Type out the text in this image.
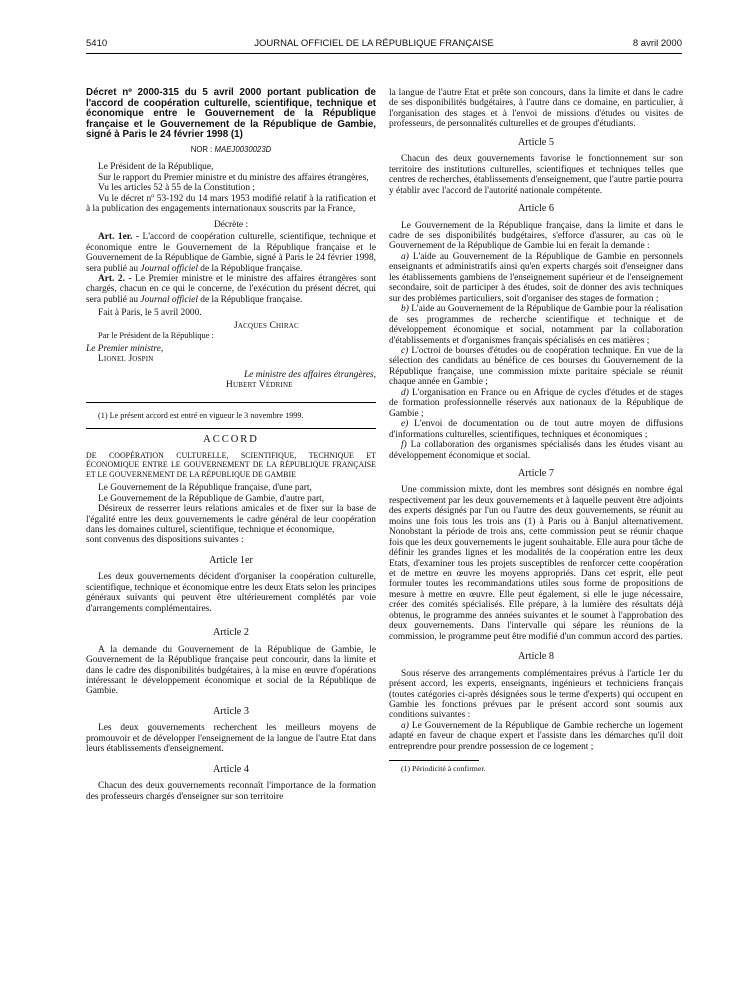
5410	JOURNAL OFFICIEL DE LA RÉPUBLIQUE FRANÇAISE	8 avril 2000

Décret nº 2000-315 du 5 avril 2000 portant publication de l'accord de coopération culturelle, scientifique, technique et économique entre le Gouvernement de la République française et le Gouvernement de la République de Gambie, signé à Paris le 24 février 1998 (1)

NOR : MAEJ0030023D

Le Président de la République,

Sur le rapport du Premier ministre et du ministre des affaires étrangères,

Vu les articles 52 à 55 de la Constitution ;

Vu le décret nº 53-192 du 14 mars 1953 modifié relatif à la ratification et à la publication des engagements internationaux souscrits par la France,

Décrète :

Art. 1er. - L'accord de coopération culturelle, scientifique, technique et économique entre le Gouvernement de la République française et le Gouvernement de la République de Gambie, signé à Paris le 24 février 1998, sera publié au Journal officiel de la République française.

Art. 2. - Le Premier ministre et le ministre des affaires étrangères sont chargés, chacun en ce qui le concerne, de l'exécution du présent décret, qui sera publié au Journal officiel de la République française.

Fait à Paris, le 5 avril 2000.

Jacques Chirac

Par le Président de la République :

Le Premier ministre,

Lionel Jospin

Le ministre des affaires étrangères,

Hubert Védrine

(1) Le présent accord est entré en vigueur le 3 novembre 1999.

ACCORD

DE COOPÉRATION CULTURELLE, SCIENTIFIQUE, TECHNIQUE ET ÉCONOMIQUE ENTRE LE GOUVERNEMENT DE LA RÉPUBLIQUE FRANÇAISE ET LE GOUVERNEMENT DE LA RÉPUBLIQUE DE GAMBIE

Le Gouvernement de la République française, d'une part,

Le Gouvernement de la République de Gambie, d'autre part,

Désireux de resserrer leurs relations amicales et de fixer sur la base de l'égalité entre les deux gouvernements le cadre général de leur coopération dans les domaines culturel, scientifique, technique et économique,

sont convenus des dispositions suivantes :

Article 1er

Les deux gouvernements décident d'organiser la coopération culturelle, scientifique, technique et économique entre les deux Etats selon les principes généraux suivants qui peuvent être ultérieurement complétés par voie d'arrangements complémentaires.

Article 2

A la demande du Gouvernement de la République de Gambie, le Gouvernement de la République française peut concourir, dans la limite et dans le cadre des disponibilités budgétaires, à la mise en œuvre d'opérations intéressant le développement économique et social de la République de Gambie.

Article 3

Les deux gouvernements recherchent les meilleurs moyens de promouvoir et de développer l'enseignement de la langue de l'autre Etat dans leurs établissements d'enseignement.

Article 4

Chacun des deux gouvernements reconnaît l'importance de la formation des professeurs chargés d'enseigner sur son territoire

la langue de l'autre Etat et prête son concours, dans la limite et dans le cadre de ses disponibilités budgétaires, à l'autre dans ce domaine, en particulier, à l'organisation des stages et à l'envoi de missions d'études ou visites de professeurs, de personnalités culturelles et de groupes d'étudiants.

Article 5

Chacun des deux gouvernements favorise le fonctionnement sur son territoire des institutions culturelles, scientifiques et techniques telles que centres de recherches, établissements d'enseignement, que l'autre partie pourra y établir avec l'accord de l'autorité nationale compétente.

Article 6

Le Gouvernement de la République française, dans la limite et dans le cadre de ses disponibilités budgétaires, s'efforce d'assurer, au cas où le Gouvernement de la République de Gambie lui en ferait la demande :

a) L'aide au Gouvernement de la République de Gambie en personnels enseignants et administratifs ainsi qu'en experts chargés soit d'enseigner dans les établissements gambiens de l'enseignement supérieur et de l'enseignement secondaire, soit de participer à des études, soit de donner des avis techniques sur des problèmes particuliers, soit d'organiser des stages de formation ;

b) L'aide au Gouvernement de la République de Gambie pour la réalisation de ses programmes de recherche scientifique et technique et de développement économique et social, notamment par la collaboration d'établissements et d'organismes français spécialisés en ces matières ;

c) L'octroi de bourses d'études ou de coopération technique. En vue de la sélection des candidats au bénéfice de ces bourses du Gouvernement de la République française, une commission mixte paritaire spéciale se réunit chaque année en Gambie ;

d) L'organisation en France ou en Afrique de cycles d'études et de stages de formation professionnelle réservés aux nationaux de la République de Gambie ;

e) L'envoi de documentation ou de tout autre moyen de diffusions d'informations culturelles, scientifiques, techniques et économiques ;

f) La collaboration des organismes spécialisés dans les études visant au développement économique et social.

Article 7

Une commission mixte, dont les membres sont désignés en nombre égal respectivement par les deux gouvernements et à laquelle peuvent être adjoints des experts désignés par l'un ou l'autre des deux gouvernements, se réunit au moins une fois tous les trois ans (1) à Paris ou à Banjul alternativement. Nonobstant la période de trois ans, cette commission peut se réunir chaque fois que les deux gouvernements le jugent souhaitable. Elle aura pour tâche de définir les grandes lignes et les modalités de la coopération entre les deux Etats, d'examiner tous les projets susceptibles de renforcer cette coopération et de mettre en œuvre les moyens appropriés. Dans cet esprit, elle peut formuler toutes les recommandations utiles sous forme de propositions de mesure à mettre en œuvre. Elle peut également, si elle le juge nécessaire, créer des comités spécialisés. Elle prépare, à la lumière des résultats déjà obtenus, le programme des années suivantes et le soumet à l'approbation des deux gouvernements. Dans l'intervalle qui sépare les réunions de la commission, le programme peut être modifié d'un commun accord des parties.

Article 8

Sous réserve des arrangements complémentaires prévus à l'article 1er du présent accord, les experts, enseignants, ingénieurs et techniciens français (toutes catégories ci-après désignées sous le terme d'experts) qui occupent en Gambie les fonctions prévues par le présent accord sont soumis aux conditions suivantes :

a) Le Gouvernement de la République de Gambie recherche un logement adapté en faveur de chaque expert et l'assiste dans les démarches qu'il doit entreprendre pour prendre possession de ce logement ;

(1) Périodicité à confirmer.
